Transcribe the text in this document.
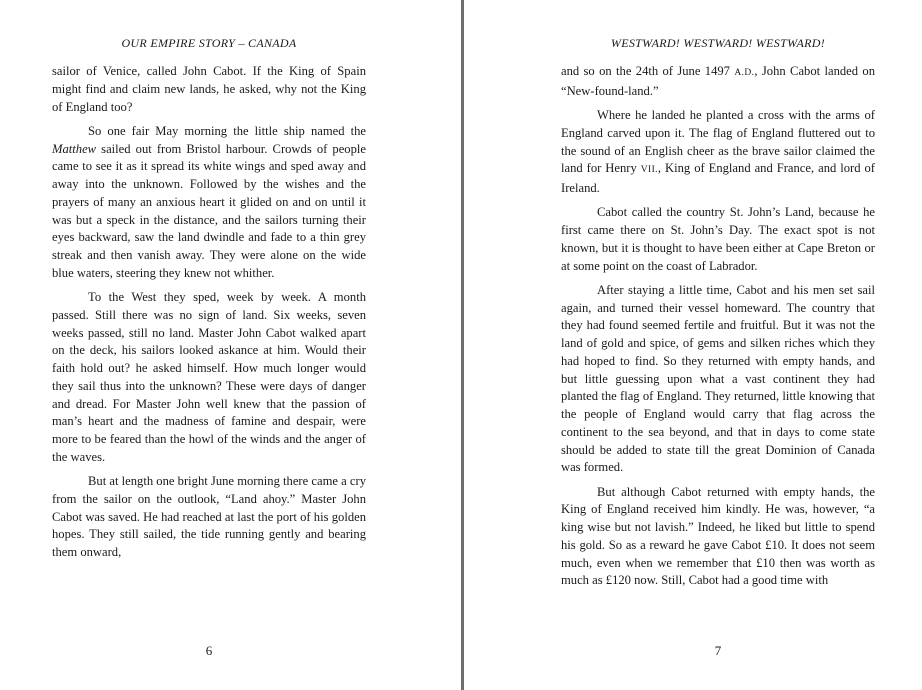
OUR EMPIRE STORY – CANADA

sailor of Venice, called John Cabot. If the King of Spain might find and claim new lands, he asked, why not the King of England too?

So one fair May morning the little ship named the Matthew sailed out from Bristol harbour. Crowds of people came to see it as it spread its white wings and sped away and away into the unknown. Followed by the wishes and the prayers of many an anxious heart it glided on and on until it was but a speck in the distance, and the sailors turning their eyes backward, saw the land dwindle and fade to a thin grey streak and then vanish away. They were alone on the wide blue waters, steering they knew not whither.

To the West they sped, week by week. A month passed. Still there was no sign of land. Six weeks, seven weeks passed, still no land. Master John Cabot walked apart on the deck, his sailors looked askance at him. Would their faith hold out? he asked himself. How much longer would they sail thus into the unknown? These were days of danger and dread. For Master John well knew that the passion of man’s heart and the madness of famine and despair, were more to be feared than the howl of the winds and the anger of the waves.

But at length one bright June morning there came a cry from the sailor on the outlook, “Land ahoy.” Master John Cabot was saved. He had reached at last the port of his golden hopes. They still sailed, the tide running gently and bearing them onward,

6
WESTWARD! WESTWARD! WESTWARD!

and so on the 24th of June 1497 A.D., John Cabot landed on “New-found-land.”

Where he landed he planted a cross with the arms of England carved upon it. The flag of England fluttered out to the sound of an English cheer as the brave sailor claimed the land for Henry VII., King of England and France, and lord of Ireland.

Cabot called the country St. John’s Land, because he first came there on St. John’s Day. The exact spot is not known, but it is thought to have been either at Cape Breton or at some point on the coast of Labrador.

After staying a little time, Cabot and his men set sail again, and turned their vessel homeward. The country that they had found seemed fertile and fruitful. But it was not the land of gold and spice, of gems and silken riches which they had hoped to find. So they returned with empty hands, and but little guessing upon what a vast continent they had planted the flag of England. They returned, little knowing that the people of England would carry that flag across the continent to the sea beyond, and that in days to come state should be added to state till the great Dominion of Canada was formed.

But although Cabot returned with empty hands, the King of England received him kindly. He was, however, “a king wise but not lavish.” Indeed, he liked but little to spend his gold. So as a reward he gave Cabot £10. It does not seem much, even when we remember that £10 then was worth as much as £120 now. Still, Cabot had a good time with

7
